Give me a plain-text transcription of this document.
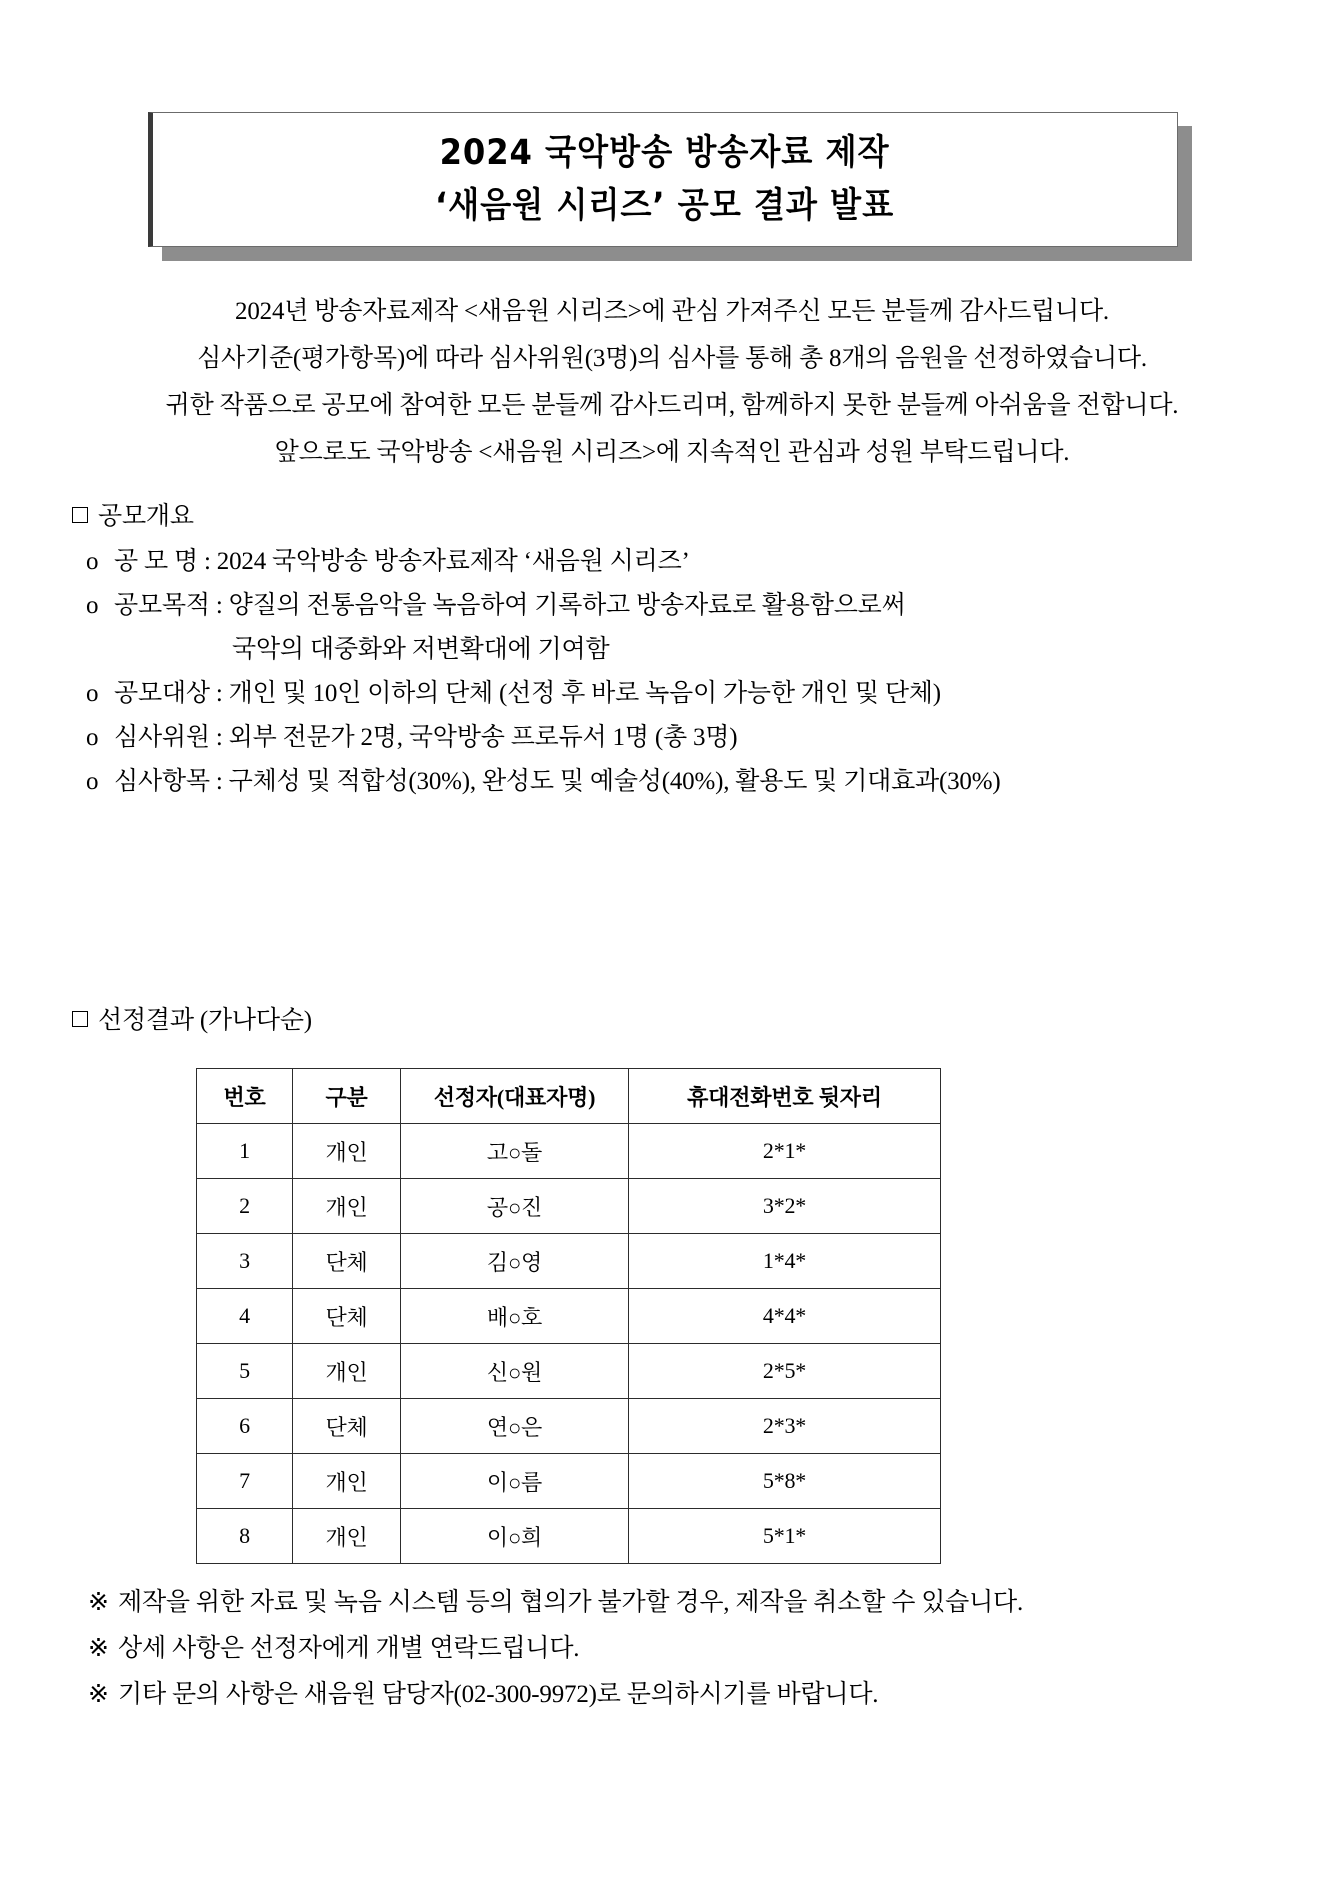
2024 국악방송 방송자료 제작
‘새음원 시리즈’ 공모 결과 발표
2024년 방송자료제작 <새음원 시리즈>에 관심 가져주신 모든 분들께 감사드립니다.
심사기준(평가항목)에 따라 심사위원(3명)의 심사를 통해 총 8개의 음원을 선정하였습니다.
귀한 작품으로 공모에 참여한 모든 분들께 감사드리며, 함께하지 못한 분들께 아쉬움을 전합니다.
앞으로도 국악방송 <새음원 시리즈>에 지속적인 관심과 성원 부탁드립니다.
공모개요
o 공 모 명 : 2024 국악방송 방송자료제작 ‘새음원 시리즈’
o 공모목적 : 양질의 전통음악을 녹음하여 기록하고 방송자료로 활용함으로써
국악의 대중화와 저변확대에 기여함
o 공모대상 : 개인 및 10인 이하의 단체 (선정 후 바로 녹음이 가능한 개인 및 단체)
o 심사위원 : 외부 전문가 2명, 국악방송 프로듀서 1명 (총 3명)
o 심사항목 : 구체성 및 적합성(30%), 완성도 및 예술성(40%), 활용도 및 기대효과(30%)
선정결과 (가나다순)
번호	구분	선정자(대표자명)	휴대전화번호 뒷자리
1	개인	고○돌	2*1*
2	개인	공○진	3*2*
3	단체	김○영	1*4*
4	단체	배○호	4*4*
5	개인	신○원	2*5*
6	단체	연○은	2*3*
7	개인	이○름	5*8*
8	개인	이○희	5*1*
※ 제작을 위한 자료 및 녹음 시스템 등의 협의가 불가할 경우, 제작을 취소할 수 있습니다.
※ 상세 사항은 선정자에게 개별 연락드립니다.
※ 기타 문의 사항은 새음원 담당자(02-300-9972)로 문의하시기를 바랍니다.
